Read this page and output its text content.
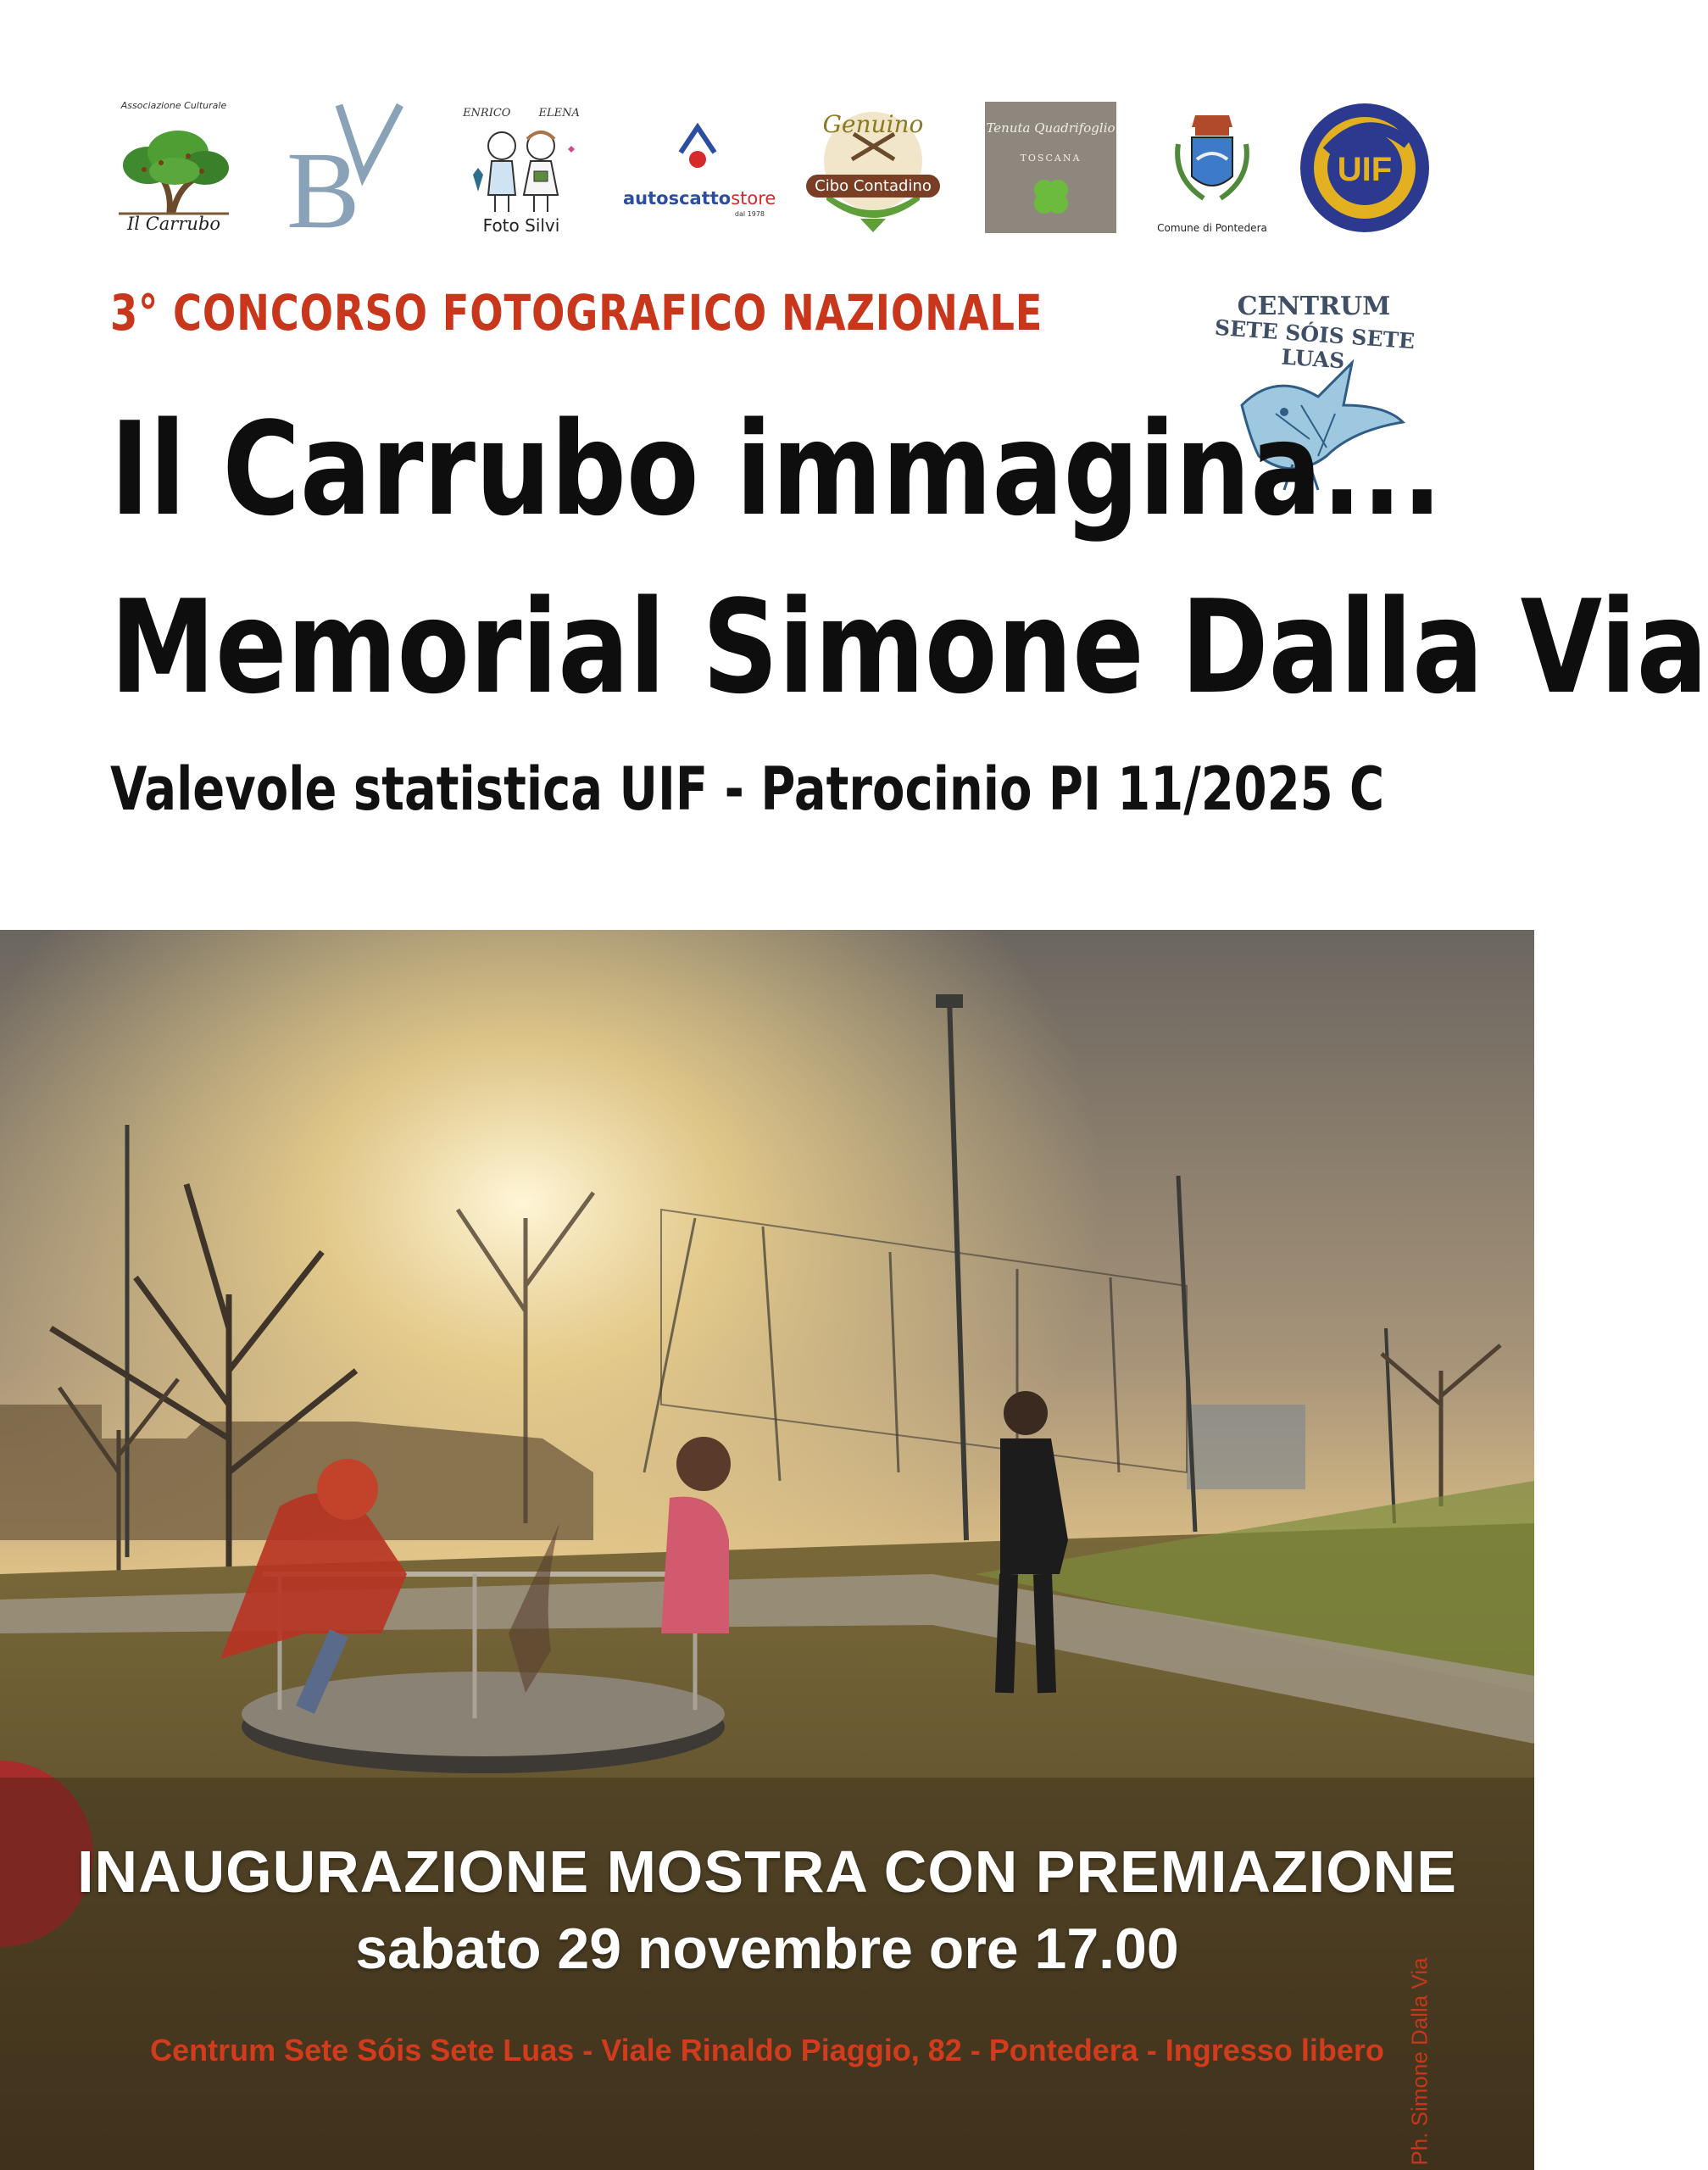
Associazione Culturale
Il Carrubo B
ENRICO	ELENA
Foto Silvi
autoscattostore
dal 1978
Genuino
Cibo Contadino
Tenuta Quadrifoglio
TOSCANA
Comune di Pontedera
UIF
CENTRUM
SETE SÓIS SETE LUAS
3° CONCORSO FOTOGRAFICO NAZIONALE
Il Carrubo immagina...
Memorial Simone Dalla Via
Valevole statistica UIF - Patrocinio PI 11/2025 C
Ph. Simone Dalla Via
INAUGURAZIONE MOSTRA CON PREMIAZIONE
sabato 29 novembre ore 17.00
Centrum Sete Sóis Sete Luas - Viale Rinaldo Piaggio, 82 - Pontedera - Ingresso libero
